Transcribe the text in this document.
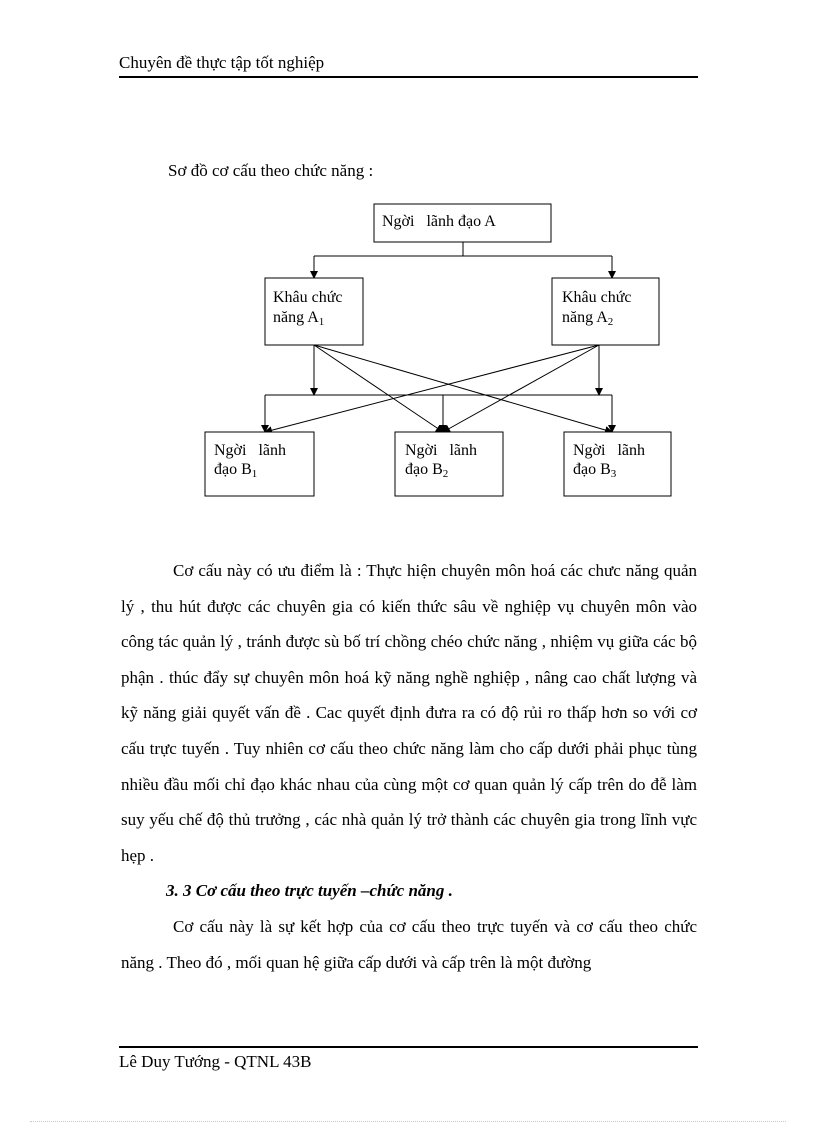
Chuyên đề thực tập tốt nghiệp
Sơ đồ cơ cấu theo chức năng :
Ngời   lãnh đạo A
Khâu chức
năng A1
Khâu chức
năng A2
Ngời   lãnh
đạo B1
Ngời   lãnh
đạo B2
Ngời   lãnh
đạo B3

Cơ cấu này có ưu điểm là : Thực hiện chuyên môn hoá các chưc năng quản lý , thu hút được các chuyên gia có kiến thức sâu về nghiệp vụ chuyên môn vào công tác quản lý , tránh được sù bố trí chồng chéo chức năng , nhiệm vụ giữa các bộ phận . thúc đẩy sự chuyên môn hoá kỹ năng nghề nghiệp , nâng cao chất lượng và kỹ năng giải quyết vấn đề . Cac quyết định đưra ra có độ rủi ro thấp hơn so với cơ cấu trực tuyến . Tuy nhiên cơ cấu theo chức năng làm cho cấp dưới phải phục tùng nhiều đầu mối chỉ đạo khác nhau của cùng một cơ quan quản lý cấp trên do đễ làm suy yếu chế độ thủ trưởng , các nhà quản lý trở thành các chuyên gia trong lĩnh vực hẹp .

3. 3 Cơ cấu theo trực tuyến –chức năng .

Cơ cấu này là sự kết hợp của cơ cấu theo trực tuyến và cơ cấu theo chức năng . Theo đó , mối quan hệ giữa cấp dưới và cấp trên là một đường

Lê Duy Tướng - QTNL 43B
